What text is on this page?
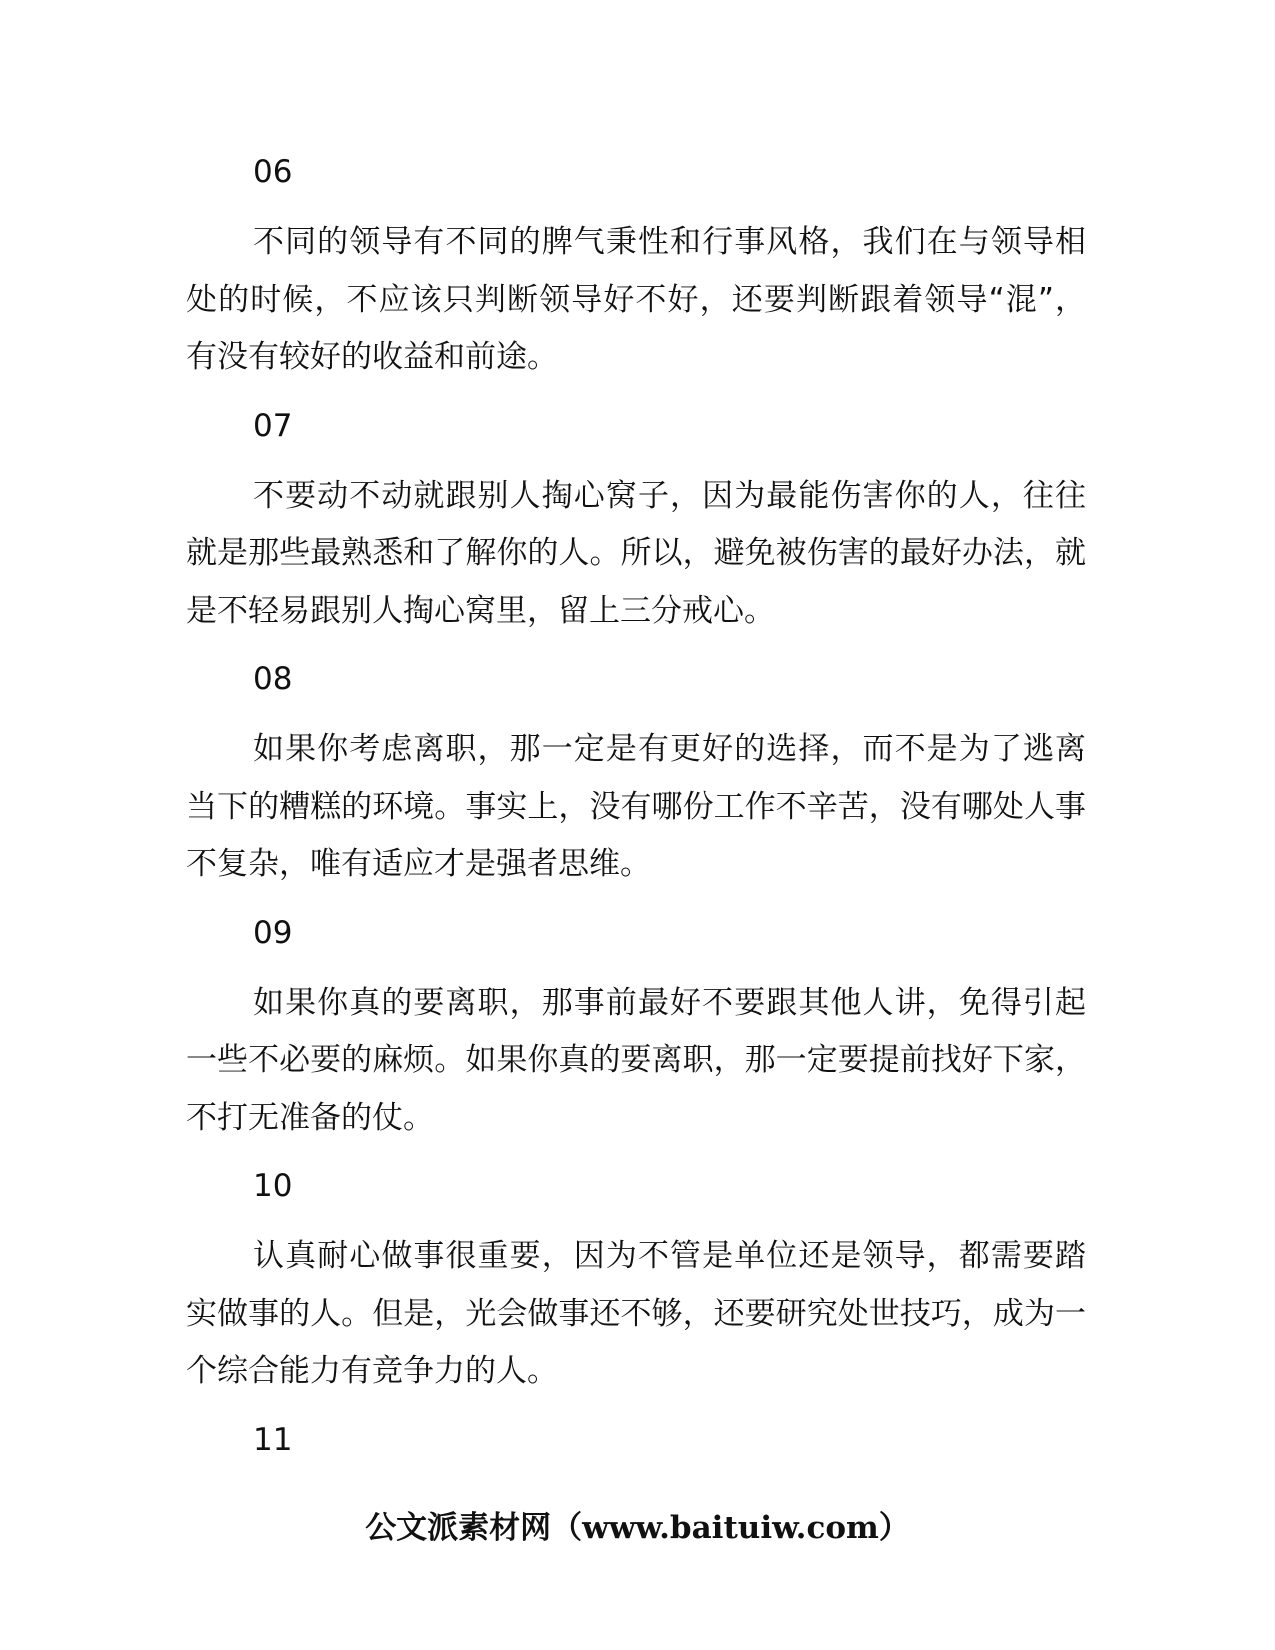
06

不同的领导有不同的脾气秉性和行事风格，我们在与领导相处的时候，不应该只判断领导好不好，还要判断跟着领导“混”，有没有较好的收益和前途。

07

不要动不动就跟别人掏心窝子，因为最能伤害你的人，往往就是那些最熟悉和了解你的人。所以，避免被伤害的最好办法，就是不轻易跟别人掏心窝里，留上三分戒心。

08

如果你考虑离职，那一定是有更好的选择，而不是为了逃离当下的糟糕的环境。事实上，没有哪份工作不辛苦，没有哪处人事不复杂，唯有适应才是强者思维。

09

如果你真的要离职，那事前最好不要跟其他人讲，免得引起一些不必要的麻烦。如果你真的要离职，那一定要提前找好下家，不打无准备的仗。

10

认真耐心做事很重要，因为不管是单位还是领导，都需要踏实做事的人。但是，光会做事还不够，还要研究处世技巧，成为一个综合能力有竞争力的人。

11
公文派素材网（www.baituiw.com）
